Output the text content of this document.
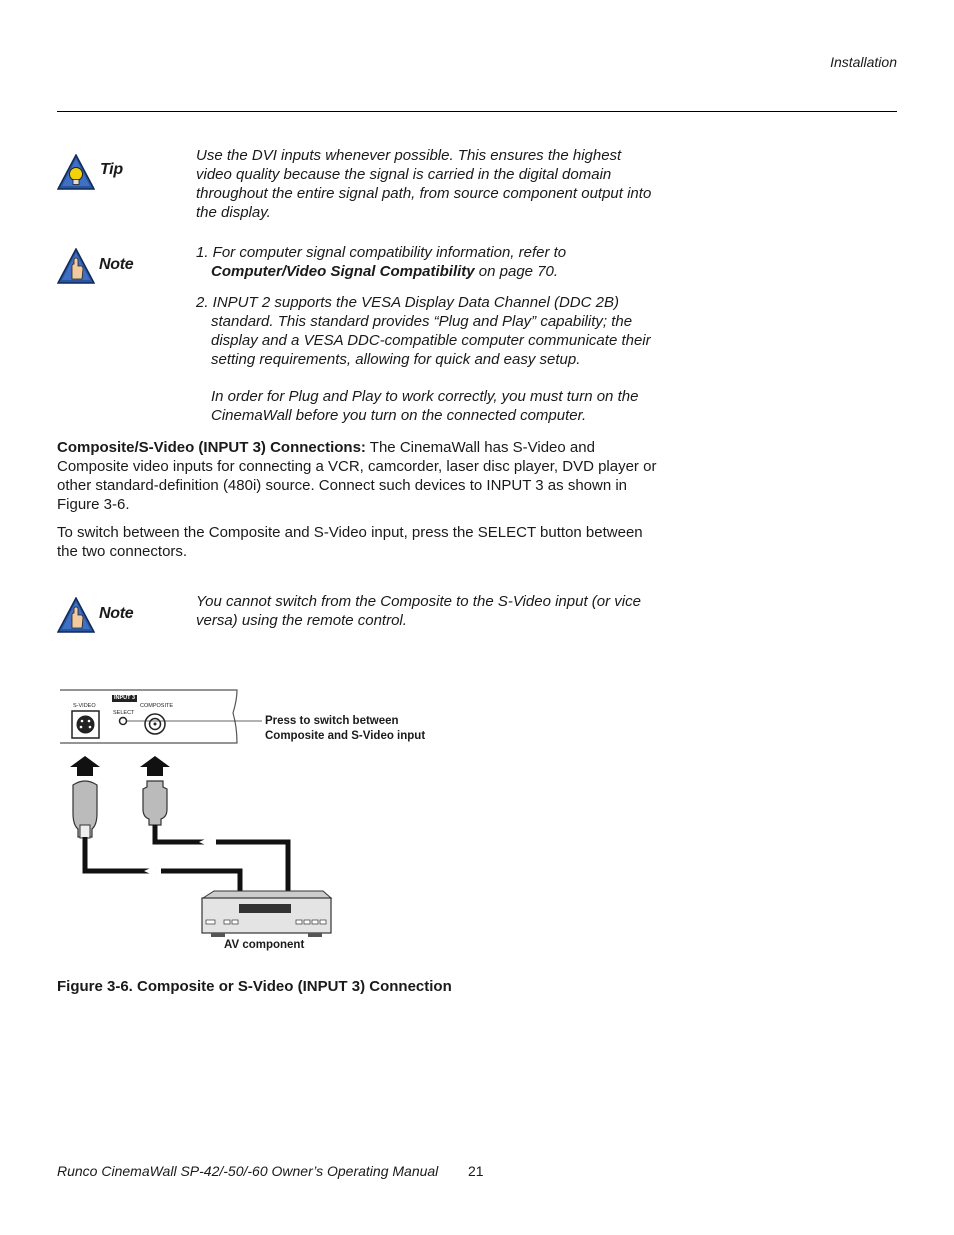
Installation
Tip

Use the DVI inputs whenever possible. This ensures the highest video quality because the signal is carried in the digital domain throughout the entire signal path, from source component output into the display.

Note
1. For computer signal compatibility information, refer to
Computer/Video Signal Compatibility on page 70.
2. INPUT 2 supports the VESA Display Data Channel (DDC 2B) standard. This standard provides “Plug and Play” capability; the display and a VESA DDC-compatible computer communicate their setting requirements, allowing for quick and easy setup.
In order for Plug and Play to work correctly, you must turn on the CinemaWall before you turn on the connected computer.

Composite/S-Video (INPUT 3) Connections: The CinemaWall has S-Video and Composite video inputs for connecting a VCR, camcorder, laser disc player, DVD player or other standard-definition (480i) source. Connect such devices to INPUT 3 as shown in Figure 3-6.

To switch between the Composite and S-Video input, press the SELECT button between the two connectors.

Note

You cannot switch from the Composite to the S-Video input (or vice versa) using the remote control.

INPUT 3
S-VIDEO
SELECT
COMPOSITE
Press to switch between
Composite and S-Video input
AV component
Figure 3-6. Composite or S-Video (INPUT 3) Connection
Runco CinemaWall SP-42/-50/-60 Owner’s Operating Manual 21
